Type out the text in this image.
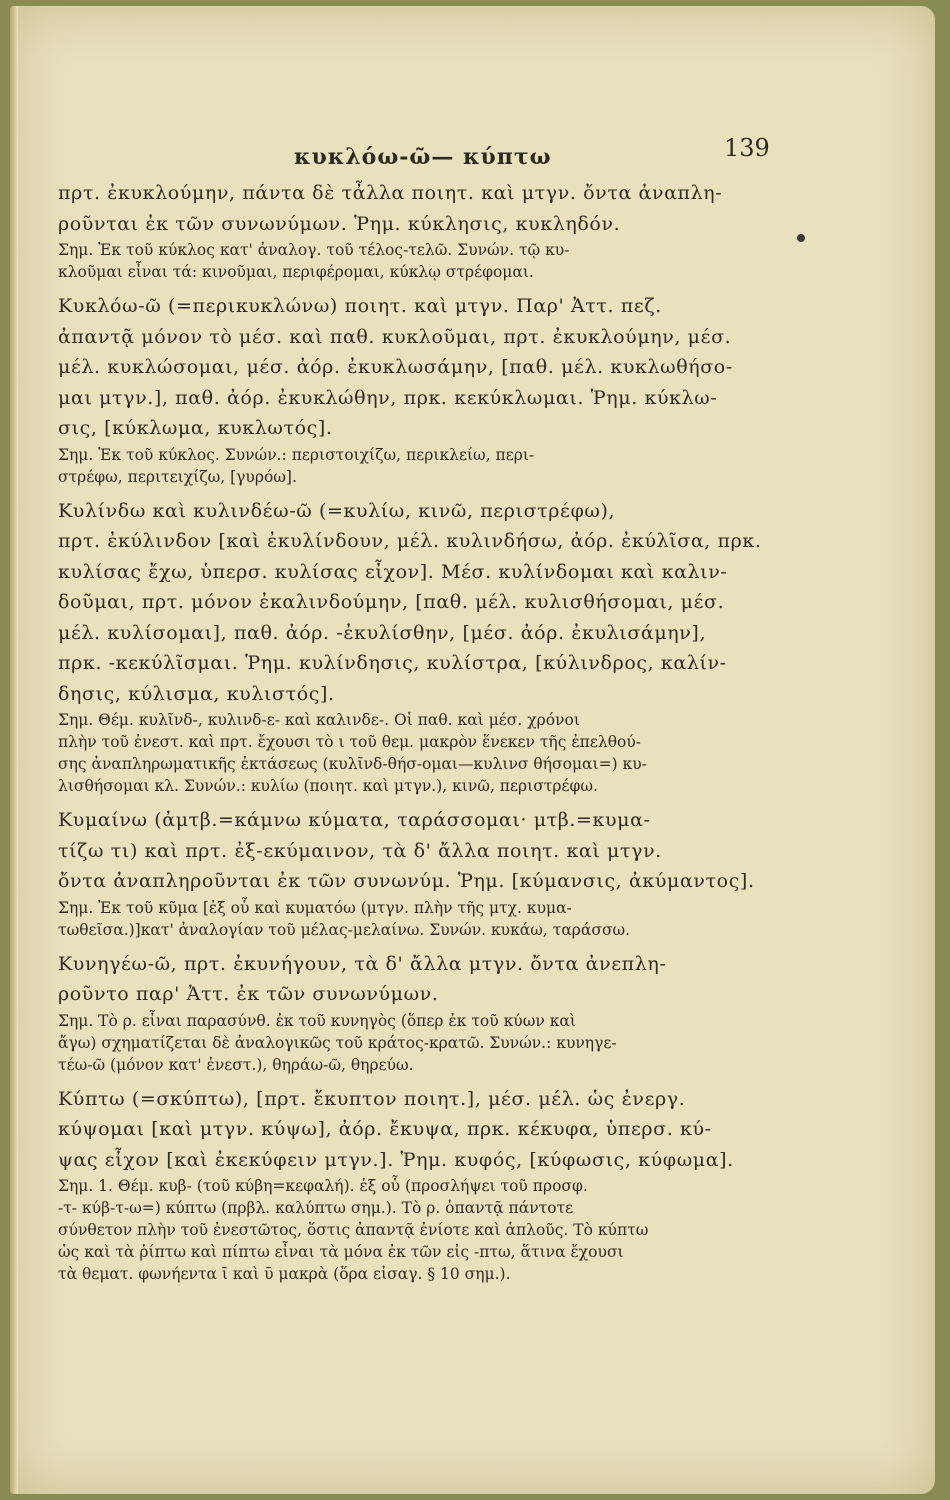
κυκλόω-ῶ— κύπτω	139
πρτ. ἐκυκλούμην, πάντα δὲ τἆλλα ποιητ. καὶ μτγν. ὄντα ἀναπλη-
ροῦνται ἐκ τῶν συνωνύμων. Ῥημ. κύκλησις, κυκληδόν.
Σημ. Ἐκ τοῦ κύκλος κατ' ἀναλογ. τοῦ τέλος-τελῶ. Συνών. τῷ κυ-
κλοῦμαι εἶναι τά: κινοῦμαι, περιφέρομαι, κύκλῳ στρέφομαι.
Κυκλόω-ῶ (=περικυκλώνω) ποιητ. καὶ μτγν. Παρ' Ἀττ. πεζ.
ἀπαντᾷ μόνον τὸ μέσ. καὶ παθ. κυκλοῦμαι, πρτ. ἐκυκλούμην, μέσ.
μέλ. κυκλώσομαι, μέσ. ἀόρ. ἐκυκλωσάμην, [παθ. μέλ. κυκλωθήσο-
μαι μτγν.], παθ. ἀόρ. ἐκυκλώθην, πρκ. κεκύκλωμαι. Ῥημ. κύκλω-
σις, [κύκλωμα, κυκλωτός].
Σημ. Ἐκ τοῦ κύκλος. Συνών.: περιστοιχίζω, περικλείω, περι-
στρέφω, περιτειχίζω, [γυρόω].
Κυλίνδω καὶ κυλινδέω-ῶ (=κυλίω, κινῶ, περιστρέφω),
πρτ. ἐκύλινδον [καὶ ἐκυλίνδουν, μέλ. κυλινδήσω, ἀόρ. ἐκύλῖσα, πρκ.
κυλίσας ἔχω, ὑπερσ. κυλίσας εἶχον]. Μέσ. κυλίνδομαι καὶ καλιν-
δοῦμαι, πρτ. μόνον ἐκαλινδούμην, [παθ. μέλ. κυλισθήσομαι, μέσ.
μέλ. κυλίσομαι], παθ. ἀόρ. -ἐκυλίσθην, [μέσ. ἀόρ. ἐκυλισάμην],
πρκ. -κεκύλῖσμαι. Ῥημ. κυλίνδησις, κυλίστρα, [κύλινδρος, καλίν-
δησις, κύλισμα, κυλιστός].
Σημ. Θέμ. κυλῖνδ-, κυλινδ-ε- καὶ καλινδε-. Οἱ παθ. καὶ μέσ. χρόνοι
πλὴν τοῦ ἐνεστ. καὶ πρτ. ἔχουσι τὸ ι τοῦ θεμ. μακρὸν ἕνεκεν τῆς ἐπελθού-
σης ἀναπληρωματικῆς ἐκτάσεως (κυλῖνδ-θήσ-ομαι—κυλινσ θήσομαι=) κυ-
λισθήσομαι κλ. Συνών.: κυλίω (ποιητ. καὶ μτγν.), κινῶ, περιστρέφω.
Κυμαίνω (ἀμτβ.=κάμνω κύματα, ταράσσομαι· μτβ.=κυμα-
τίζω τι) καὶ πρτ. ἐξ-εκύμαινον, τὰ δ' ἄλλα ποιητ. καὶ μτγν.
ὄντα ἀναπληροῦνται ἐκ τῶν συνωνύμ. Ῥημ. [κύμανσις, ἀκύμαντος].
Σημ. Ἐκ τοῦ κῦμα [ἐξ οὗ καὶ κυματόω (μτγν. πλὴν τῆς μτχ. κυμα-
τωθεῖσα.)]κατ' ἀναλογίαν τοῦ μέλας-μελαίνω. Συνών. κυκάω, ταράσσω.
Κυνηγέω-ῶ, πρτ. ἐκυνήγουν, τὰ δ' ἄλλα μτγν. ὄντα ἀνεπλη-
ροῦντο παρ' Ἀττ. ἐκ τῶν συνωνύμων.
Σημ. Τὸ ρ. εἶναι παρασύνθ. ἐκ τοῦ κυνηγὸς (ὅπερ ἐκ τοῦ κύων καὶ
ἄγω) σχηματίζεται δὲ ἀναλογικῶς τοῦ κράτος-κρατῶ. Συνών.: κυνηγε-
τέω-ῶ (μόνον κατ' ἐνεστ.), θηράω-ῶ, θηρεύω.
Κύπτω (=σκύπτω), [πρτ. ἔκυπτον ποιητ.], μέσ. μέλ. ὡς ἐνεργ.
κύψομαι [καὶ μτγν. κύψω], ἀόρ. ἔκυψα, πρκ. κέκυφα, ὑπερσ. κύ-
ψας εἶχον [καὶ ἐκεκύφειν μτγν.]. Ῥημ. κυφός, [κύφωσις, κύφωμα].
Σημ. 1. Θέμ. κυβ- (τοῦ κύβη=κεφαλή). ἐξ οὗ (προσλήψει τοῦ προσφ.
-τ- κύβ-τ-ω=) κύπτω (πρβλ. καλύπτω σημ.). Τὸ ρ. ὁπαντᾷ πάντοτε
σύνθετον πλὴν τοῦ ἐνεστῶτος, ὅστις ἀπαντᾷ ἐνίοτε καὶ ἁπλοῦς. Τὸ κύπτω
ὡς καὶ τὰ ῥίπτω καὶ πίπτω εἶναι τὰ μόνα ἐκ τῶν εἰς -πτω, ἅτινα ἔχουσι
τὰ θεματ. φωνήεντα ῑ καὶ ῡ μακρὰ (ὅρα εἰσαγ. § 10 σημ.).
